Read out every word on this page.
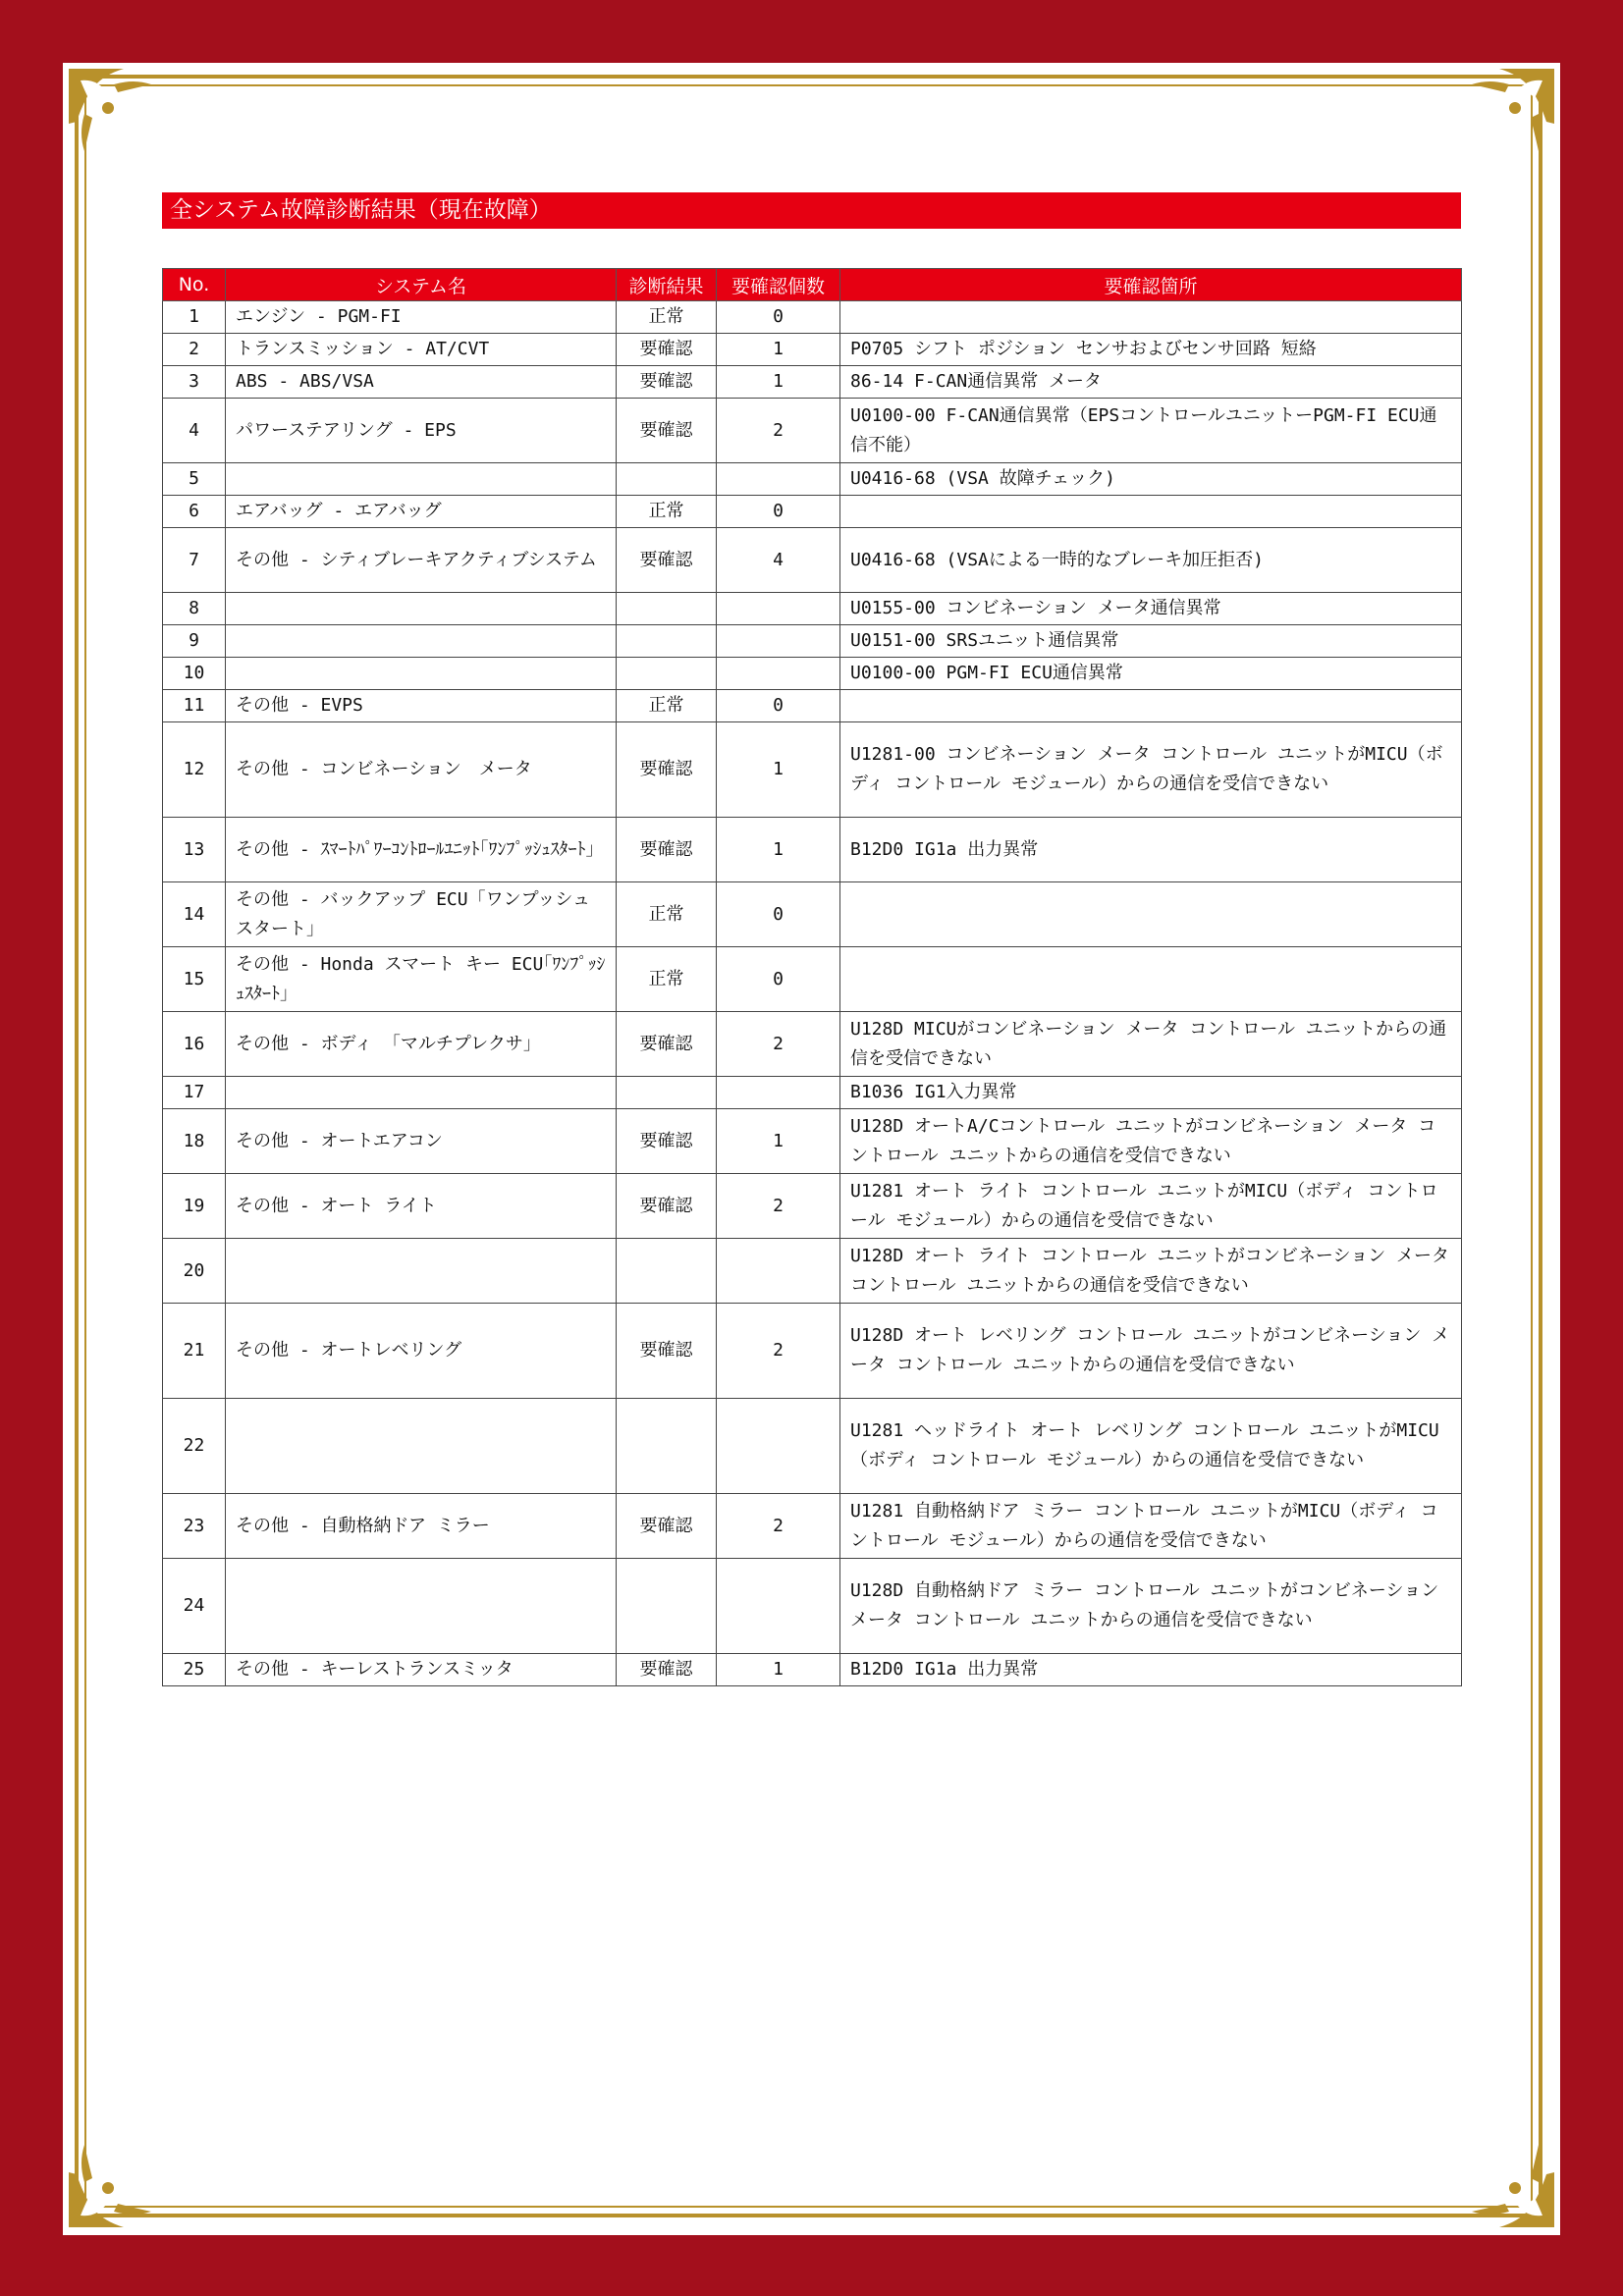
全システム故障診断結果（現在故障）
No.	システム名	診断結果	要確認個数	要確認箇所
1	エンジン - PGM-FI	正常	0	
2	トランスミッション - AT/CVT	要確認	1	P0705 シフト ポジション センサおよびセンサ回路 短絡
3	ABS - ABS/VSA	要確認	1	86-14 F-CAN通信異常 メータ
4	パワーステアリング - EPS	要確認	2	U0100-00 F-CAN通信異常（EPSコントロールユニットーPGM-FI ECU通信不能）
5				U0416-68 (VSA 故障チェック)
6	エアバッグ - エアバッグ	正常	0	
7	その他 - シティブレーキアクティブシステム	要確認	4	U0416-68 (VSAによる一時的なブレーキ加圧拒否)
8				U0155-00 コンビネーション メータ通信異常
9				U0151-00 SRSユニット通信異常
10				U0100-00 PGM-FI ECU通信異常
11	その他 - EVPS	正常	0	
12	その他 - コンビネーション　メータ	要確認	1	U1281-00 コンビネーション メータ コントロール ユニットがMICU（ボディ コントロール モジュール）からの通信を受信できない
13	その他 - ｽﾏｰﾄﾊﾟﾜｰｺﾝﾄﾛｰﾙﾕﾆｯﾄ｢ﾜﾝﾌﾟｯｼｭｽﾀｰﾄ｣	要確認	1	B12D0 IG1a 出力異常
14	その他 - バックアップ ECU「ワンプッシュスタート」	正常	0	
15	その他 - Honda スマート キー ECU｢ﾜﾝﾌﾟｯｼｭｽﾀｰﾄ｣	正常	0	
16	その他 - ボディ 「マルチプレクサ」	要確認	2	U128D MICUがコンビネーション メータ コントロール ユニットからの通信を受信できない
17				B1036 IG1入力異常
18	その他 - オートエアコン	要確認	1	U128D オートA/Cコントロール ユニットがコンビネーション メータ コントロール ユニットからの通信を受信できない
19	その他 - オート ライト	要確認	2	U1281 オート ライト コントロール ユニットがMICU（ボディ コントロール モジュール）からの通信を受信できない
20				U128D オート ライト コントロール ユニットがコンビネーション メータ コントロール ユニットからの通信を受信できない
21	その他 - オートレベリング	要確認	2	U128D オート レベリング コントロール ユニットがコンビネーション メータ コントロール ユニットからの通信を受信できない
22				U1281 ヘッドライト オート レベリング コントロール ユニットがMICU（ボディ コントロール モジュール）からの通信を受信できない
23	その他 - 自動格納ドア ミラー	要確認	2	U1281 自動格納ドア ミラー コントロール ユニットがMICU（ボディ コントロール モジュール）からの通信を受信できない
24				U128D 自動格納ドア ミラー コントロール ユニットがコンビネーション メータ コントロール ユニットからの通信を受信できない
25	その他 - キーレストランスミッタ	要確認	1	B12D0 IG1a 出力異常
